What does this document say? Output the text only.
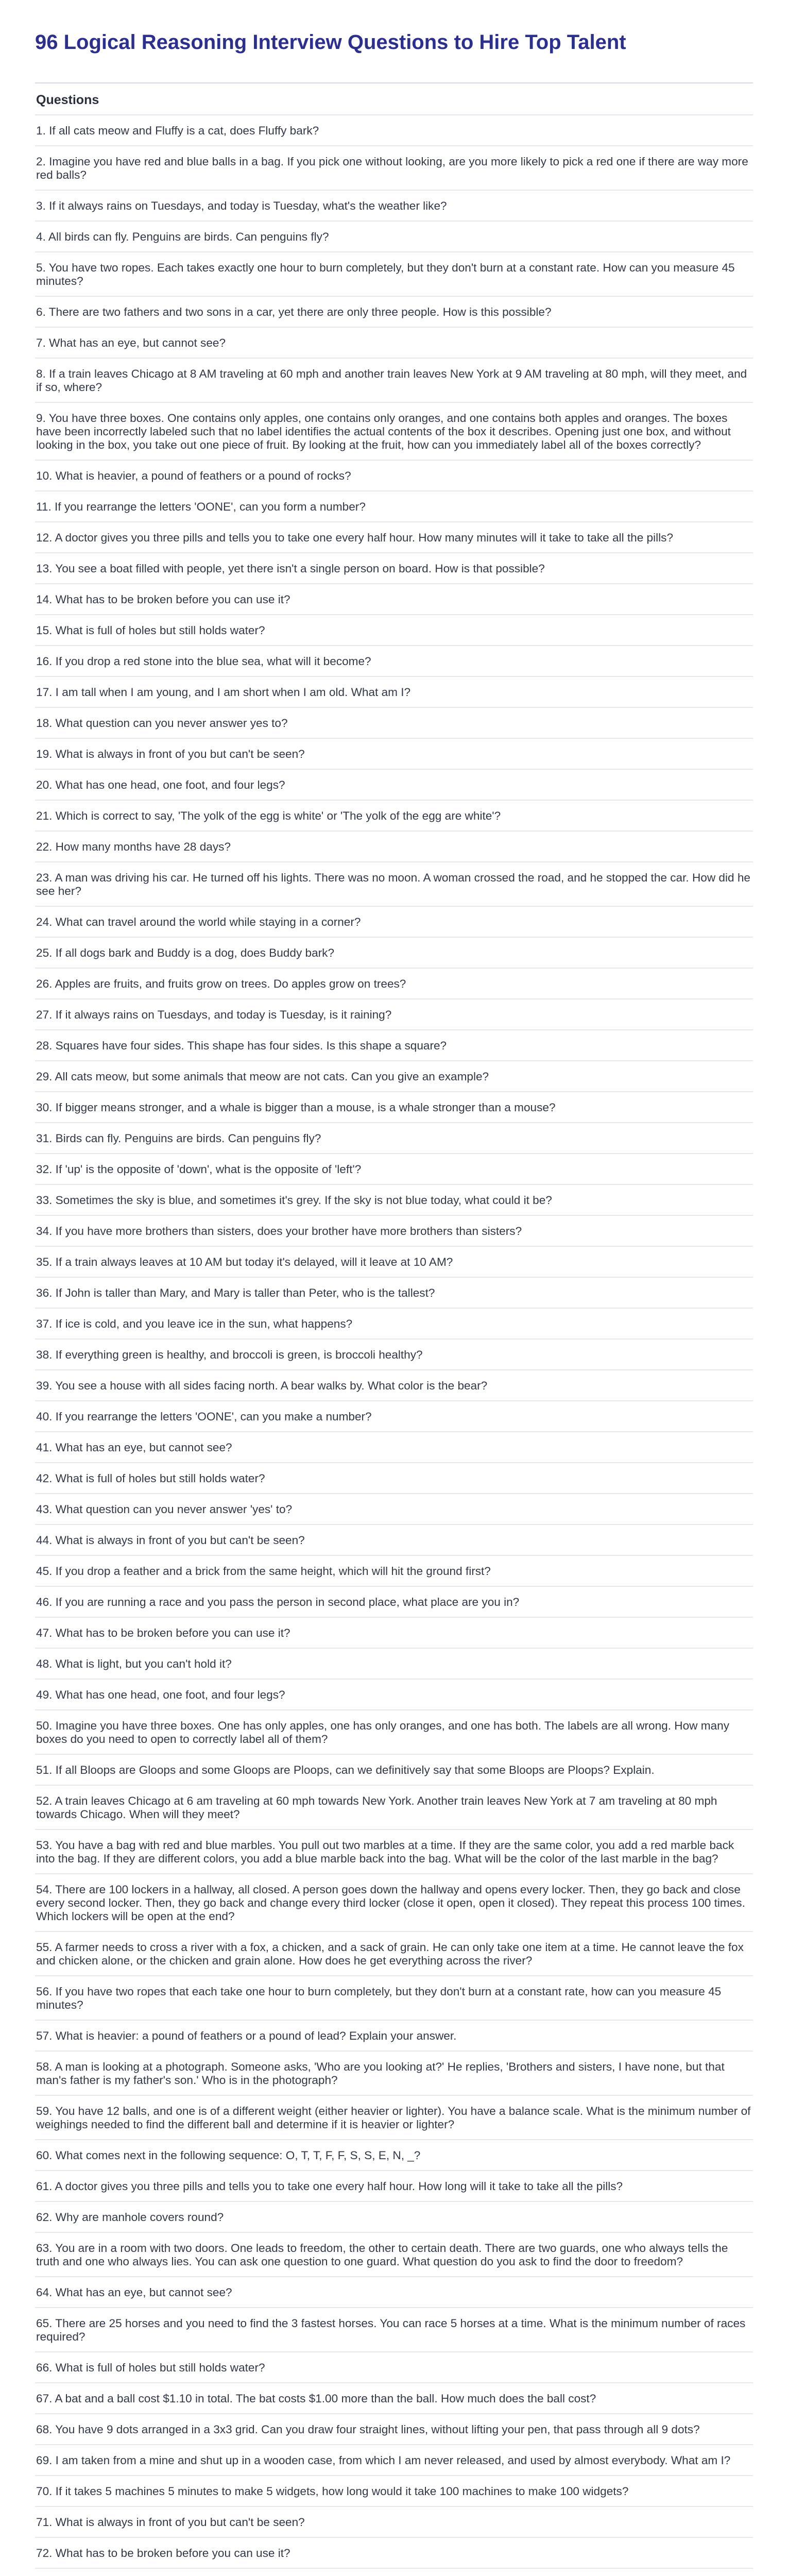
96 Logical Reasoning Interview Questions to Hire Top Talent
Questions
1. If all cats meow and Fluffy is a cat, does Fluffy bark?
2. Imagine you have red and blue balls in a bag. If you pick one without looking, are you more likely to pick a red one if there are way more red balls?
3. If it always rains on Tuesdays, and today is Tuesday, what's the weather like?
4. All birds can fly. Penguins are birds. Can penguins fly?
5. You have two ropes. Each takes exactly one hour to burn completely, but they don't burn at a constant rate. How can you measure 45 minutes?
6. There are two fathers and two sons in a car, yet there are only three people. How is this possible?
7. What has an eye, but cannot see?
8. If a train leaves Chicago at 8 AM traveling at 60 mph and another train leaves New York at 9 AM traveling at 80 mph, will they meet, and if so, where?
9. You have three boxes. One contains only apples, one contains only oranges, and one contains both apples and oranges. The boxes have been incorrectly labeled such that no label identifies the actual contents of the box it describes. Opening just one box, and without looking in the box, you take out one piece of fruit. By looking at the fruit, how can you immediately label all of the boxes correctly?
10. What is heavier, a pound of feathers or a pound of rocks?
11. If you rearrange the letters 'OONE', can you form a number?
12. A doctor gives you three pills and tells you to take one every half hour. How many minutes will it take to take all the pills?
13. You see a boat filled with people, yet there isn't a single person on board. How is that possible?
14. What has to be broken before you can use it?
15. What is full of holes but still holds water?
16. If you drop a red stone into the blue sea, what will it become?
17. I am tall when I am young, and I am short when I am old. What am I?
18. What question can you never answer yes to?
19. What is always in front of you but can't be seen?
20. What has one head, one foot, and four legs?
21. Which is correct to say, 'The yolk of the egg is white' or 'The yolk of the egg are white'?
22. How many months have 28 days?
23. A man was driving his car. He turned off his lights. There was no moon. A woman crossed the road, and he stopped the car. How did he see her?
24. What can travel around the world while staying in a corner?
25. If all dogs bark and Buddy is a dog, does Buddy bark?
26. Apples are fruits, and fruits grow on trees. Do apples grow on trees?
27. If it always rains on Tuesdays, and today is Tuesday, is it raining?
28. Squares have four sides. This shape has four sides. Is this shape a square?
29. All cats meow, but some animals that meow are not cats. Can you give an example?
30. If bigger means stronger, and a whale is bigger than a mouse, is a whale stronger than a mouse?
31. Birds can fly. Penguins are birds. Can penguins fly?
32. If 'up' is the opposite of 'down', what is the opposite of 'left'?
33. Sometimes the sky is blue, and sometimes it's grey. If the sky is not blue today, what could it be?
34. If you have more brothers than sisters, does your brother have more brothers than sisters?
35. If a train always leaves at 10 AM but today it's delayed, will it leave at 10 AM?
36. If John is taller than Mary, and Mary is taller than Peter, who is the tallest?
37. If ice is cold, and you leave ice in the sun, what happens?
38. If everything green is healthy, and broccoli is green, is broccoli healthy?
39. You see a house with all sides facing north. A bear walks by. What color is the bear?
40. If you rearrange the letters 'OONE', can you make a number?
41. What has an eye, but cannot see?
42. What is full of holes but still holds water?
43. What question can you never answer 'yes' to?
44. What is always in front of you but can't be seen?
45. If you drop a feather and a brick from the same height, which will hit the ground first?
46. If you are running a race and you pass the person in second place, what place are you in?
47. What has to be broken before you can use it?
48. What is light, but you can't hold it?
49. What has one head, one foot, and four legs?
50. Imagine you have three boxes. One has only apples, one has only oranges, and one has both. The labels are all wrong. How many boxes do you need to open to correctly label all of them?
51. If all Bloops are Gloops and some Gloops are Ploops, can we definitively say that some Bloops are Ploops? Explain.
52. A train leaves Chicago at 6 am traveling at 60 mph towards New York. Another train leaves New York at 7 am traveling at 80 mph towards Chicago. When will they meet?
53. You have a bag with red and blue marbles. You pull out two marbles at a time. If they are the same color, you add a red marble back into the bag. If they are different colors, you add a blue marble back into the bag. What will be the color of the last marble in the bag?
54. There are 100 lockers in a hallway, all closed. A person goes down the hallway and opens every locker. Then, they go back and close every second locker. Then, they go back and change every third locker (close it open, open it closed). They repeat this process 100 times. Which lockers will be open at the end?
55. A farmer needs to cross a river with a fox, a chicken, and a sack of grain. He can only take one item at a time. He cannot leave the fox and chicken alone, or the chicken and grain alone. How does he get everything across the river?
56. If you have two ropes that each take one hour to burn completely, but they don't burn at a constant rate, how can you measure 45 minutes?
57. What is heavier: a pound of feathers or a pound of lead? Explain your answer.
58. A man is looking at a photograph. Someone asks, 'Who are you looking at?' He replies, 'Brothers and sisters, I have none, but that man's father is my father's son.' Who is in the photograph?
59. You have 12 balls, and one is of a different weight (either heavier or lighter). You have a balance scale. What is the minimum number of weighings needed to find the different ball and determine if it is heavier or lighter?
60. What comes next in the following sequence: O, T, T, F, F, S, S, E, N, _?
61. A doctor gives you three pills and tells you to take one every half hour. How long will it take to take all the pills?
62. Why are manhole covers round?
63. You are in a room with two doors. One leads to freedom, the other to certain death. There are two guards, one who always tells the truth and one who always lies. You can ask one question to one guard. What question do you ask to find the door to freedom?
64. What has an eye, but cannot see?
65. There are 25 horses and you need to find the 3 fastest horses. You can race 5 horses at a time. What is the minimum number of races required?
66. What is full of holes but still holds water?
67. A bat and a ball cost $1.10 in total. The bat costs $1.00 more than the ball. How much does the ball cost?
68. You have 9 dots arranged in a 3x3 grid. Can you draw four straight lines, without lifting your pen, that pass through all 9 dots?
69. I am taken from a mine and shut up in a wooden case, from which I am never released, and used by almost everybody. What am I?
70. If it takes 5 machines 5 minutes to make 5 widgets, how long would it take 100 machines to make 100 widgets?
71. What is always in front of you but can't be seen?
72. What has to be broken before you can use it?
